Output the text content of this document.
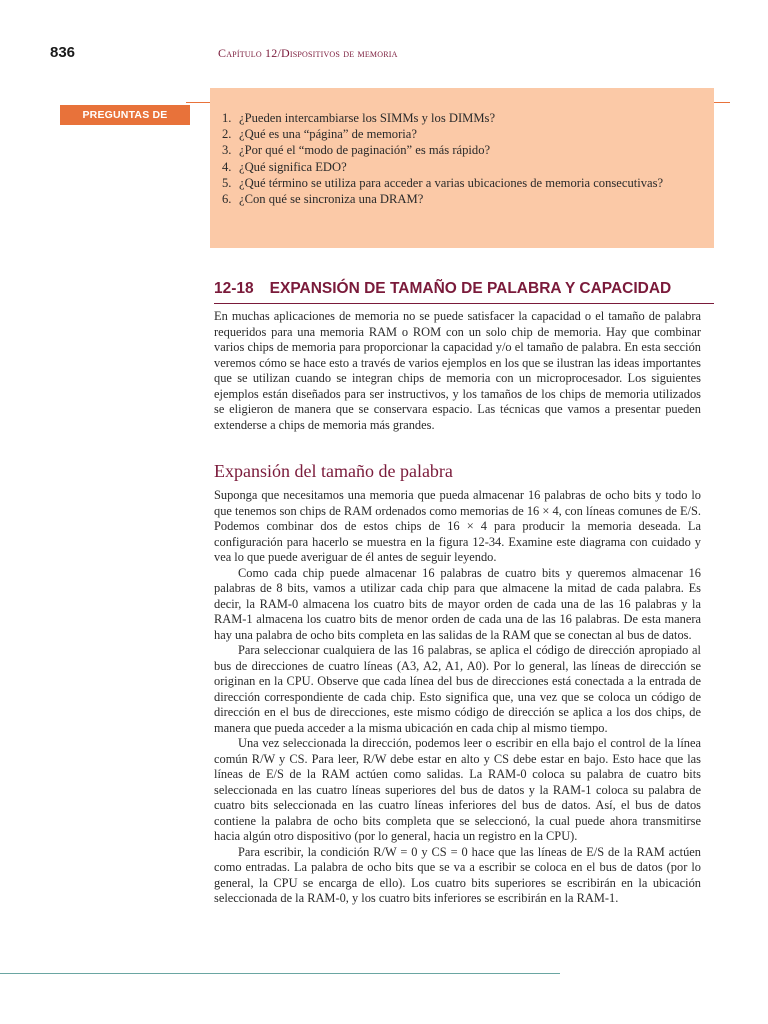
836	Capítulo 12/Dispositivos de memoria
PREGUNTAS DE REPASO
1. ¿Pueden intercambiarse los SIMMs y los DIMMs?
2. ¿Qué es una “página” de memoria?
3. ¿Por qué el “modo de paginación” es más rápido?
4. ¿Qué significa EDO?
5. ¿Qué término se utiliza para acceder a varias ubicaciones de memoria consecutivas?
6. ¿Con qué se sincroniza una DRAM?
12-18 EXPANSIÓN DE TAMAÑO DE PALABRA Y CAPACIDAD

En muchas aplicaciones de memoria no se puede satisfacer la capacidad o el tamaño de palabra requeridos para una memoria RAM o ROM con un solo chip de memoria. Hay que combinar varios chips de memoria para proporcionar la capacidad y/o el tamaño de palabra. En esta sección veremos cómo se hace esto a través de varios ejemplos en los que se ilustran las ideas importantes que se utilizan cuando se integran chips de memoria con un microprocesador. Los siguientes ejemplos están diseñados para ser instructivos, y los tamaños de los chips de memoria utilizados se eligieron de manera que se conservara espacio. Las técnicas que vamos a presentar pueden extenderse a chips de memoria más grandes.

Expansión del tamaño de palabra

Suponga que necesitamos una memoria que pueda almacenar 16 palabras de ocho bits y todo lo que tenemos son chips de RAM ordenados como memorias de 16 × 4, con líneas comunes de E/S. Podemos combinar dos de estos chips de 16 × 4 para producir la memoria deseada. La configuración para hacerlo se muestra en la figura 12-34. Examine este diagrama con cuidado y vea lo que puede averiguar de él antes de seguir leyendo.

Como cada chip puede almacenar 16 palabras de cuatro bits y queremos almacenar 16 palabras de 8 bits, vamos a utilizar cada chip para que almacene la mitad de cada palabra. Es decir, la RAM-0 almacena los cuatro bits de mayor orden de cada una de las 16 palabras y la RAM-1 almacena los cuatro bits de menor orden de cada una de las 16 palabras. De esta manera hay una palabra de ocho bits completa en las salidas de la RAM que se conectan al bus de datos.

Para seleccionar cualquiera de las 16 palabras, se aplica el código de dirección apropiado al bus de direcciones de cuatro líneas (A3, A2, A1, A0). Por lo general, las líneas de dirección se originan en la CPU. Observe que cada línea del bus de direcciones está conectada a la entrada de dirección correspondiente de cada chip. Esto significa que, una vez que se coloca un código de dirección en el bus de direcciones, este mismo código de dirección se aplica a los dos chips, de manera que pueda acceder a la misma ubicación en cada chip al mismo tiempo.

Una vez seleccionada la dirección, podemos leer o escribir en ella bajo el control de la línea común R/W y CS. Para leer, R/W debe estar en alto y CS debe estar en bajo. Esto hace que las líneas de E/S de la RAM actúen como salidas. La RAM-0 coloca su palabra de cuatro bits seleccionada en las cuatro líneas superiores del bus de datos y la RAM-1 coloca su palabra de cuatro bits seleccionada en las cuatro líneas inferiores del bus de datos. Así, el bus de datos contiene la palabra de ocho bits completa que se seleccionó, la cual puede ahora transmitirse hacia algún otro dispositivo (por lo general, hacia un registro en la CPU).

Para escribir, la condición R/W = 0 y CS = 0 hace que las líneas de E/S de la RAM actúen como entradas. La palabra de ocho bits que se va a escribir se coloca en el bus de datos (por lo general, la CPU se encarga de ello). Los cuatro bits superiores se escribirán en la ubicación seleccionada de la RAM-0, y los cuatro bits inferiores se escribirán en la RAM-1.
